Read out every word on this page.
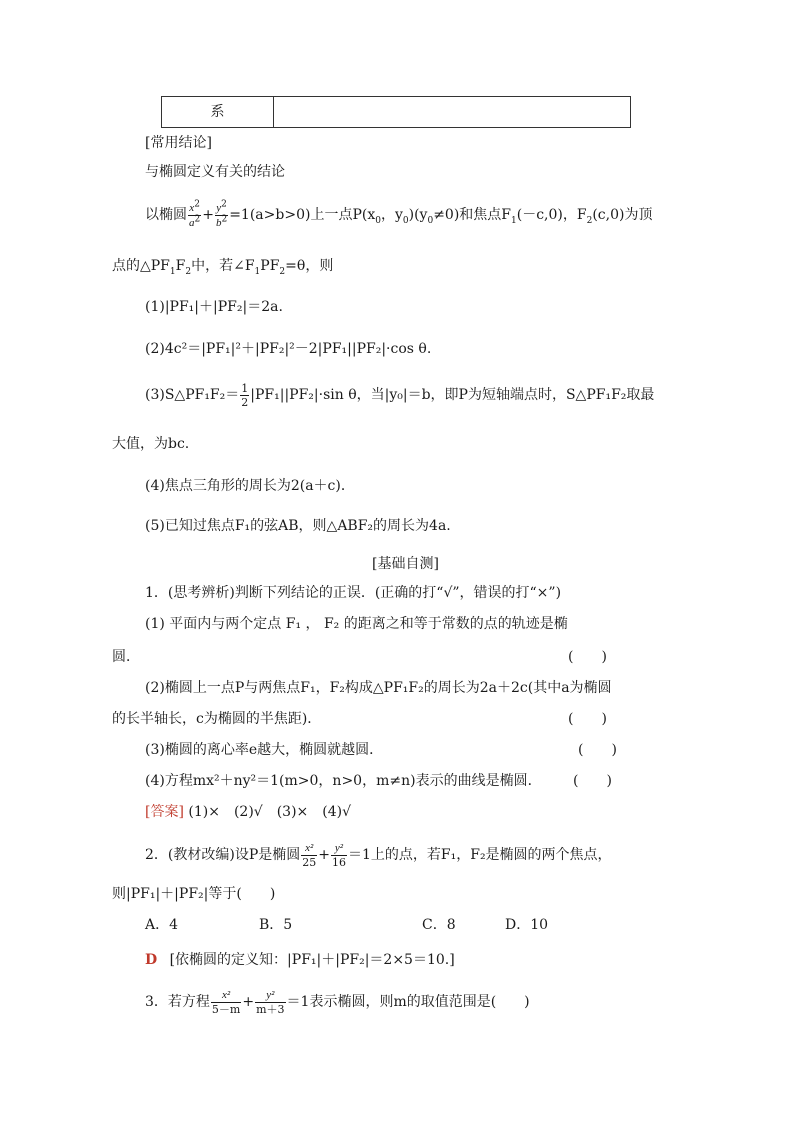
系
[常用结论]
与椭圆定义有关的结论
以椭圆 $\frac{x^2}{a^2} + \frac{y^2}{b^2} =1(a>b>0)$上一点$P(x_0$，$y_0)(y_0\ne 0)$和焦点$F_1(-c,0)$，$F_2(c,0)$为顶
点的$\triangle PF_1F_2$中，若$\angle F_1PF_2=\theta$，则
(1)|PF₁|＋|PF₂|＝2a.
(2)4c²＝|PF₁|²＋|PF₂|²－2|PF₁||PF₂|·cos θ.
(3)S△PF₁F₂＝ $\frac{1}{2} |PF_1||PF_2|\cdot\sin$ θ，当|y₀|＝b，即P为短轴端点时，S△PF₁F₂取最
大值，为bc.
(4)焦点三角形的周长为2(a＋c)．
(5)已知过焦点F₁的弦AB，则△ABF₂的周长为4a.
[基础自测]
1．(思考辨析)判断下列结论的正误．(正确的打“√”，错误的打“×”)
(1) 平面内与两个定点 F₁ ， F₂ 的距离之和等于常数的点的轨迹是椭
圆．	(　　)
(2)椭圆上一点P与两焦点F₁，F₂构成△PF₁F₂的周长为2a＋2c(其中a为椭圆
的长半轴长，c为椭圆的半焦距)．	(　　)
(3)椭圆的离心率e越大，椭圆就越圆．	(　　)
(4)方程mx²＋ny²＝1(m>0，n>0，m≠n)表示的曲线是椭圆． (　　)
[答案] (1)×　(2)√　(3)×　(4)√
2．(教材改编)设P是椭圆 $\frac{\text{x²}}{25} + \frac{\text{y²}}{16} =1$上的点，若F₁，F₂是椭圆的两个焦点，
则|PF₁|＋|PF₂|等于(　　)
A．4	B．5	C．8	D．10
D [依椭圆的定义知：|PF₁|＋|PF₂|＝2×5＝10.]
3．若方程 $\frac{\text{x²}}{5-m} + \frac{\text{y²}}{m+3} =1$表示椭圆，则m的取值范围是(　　)
